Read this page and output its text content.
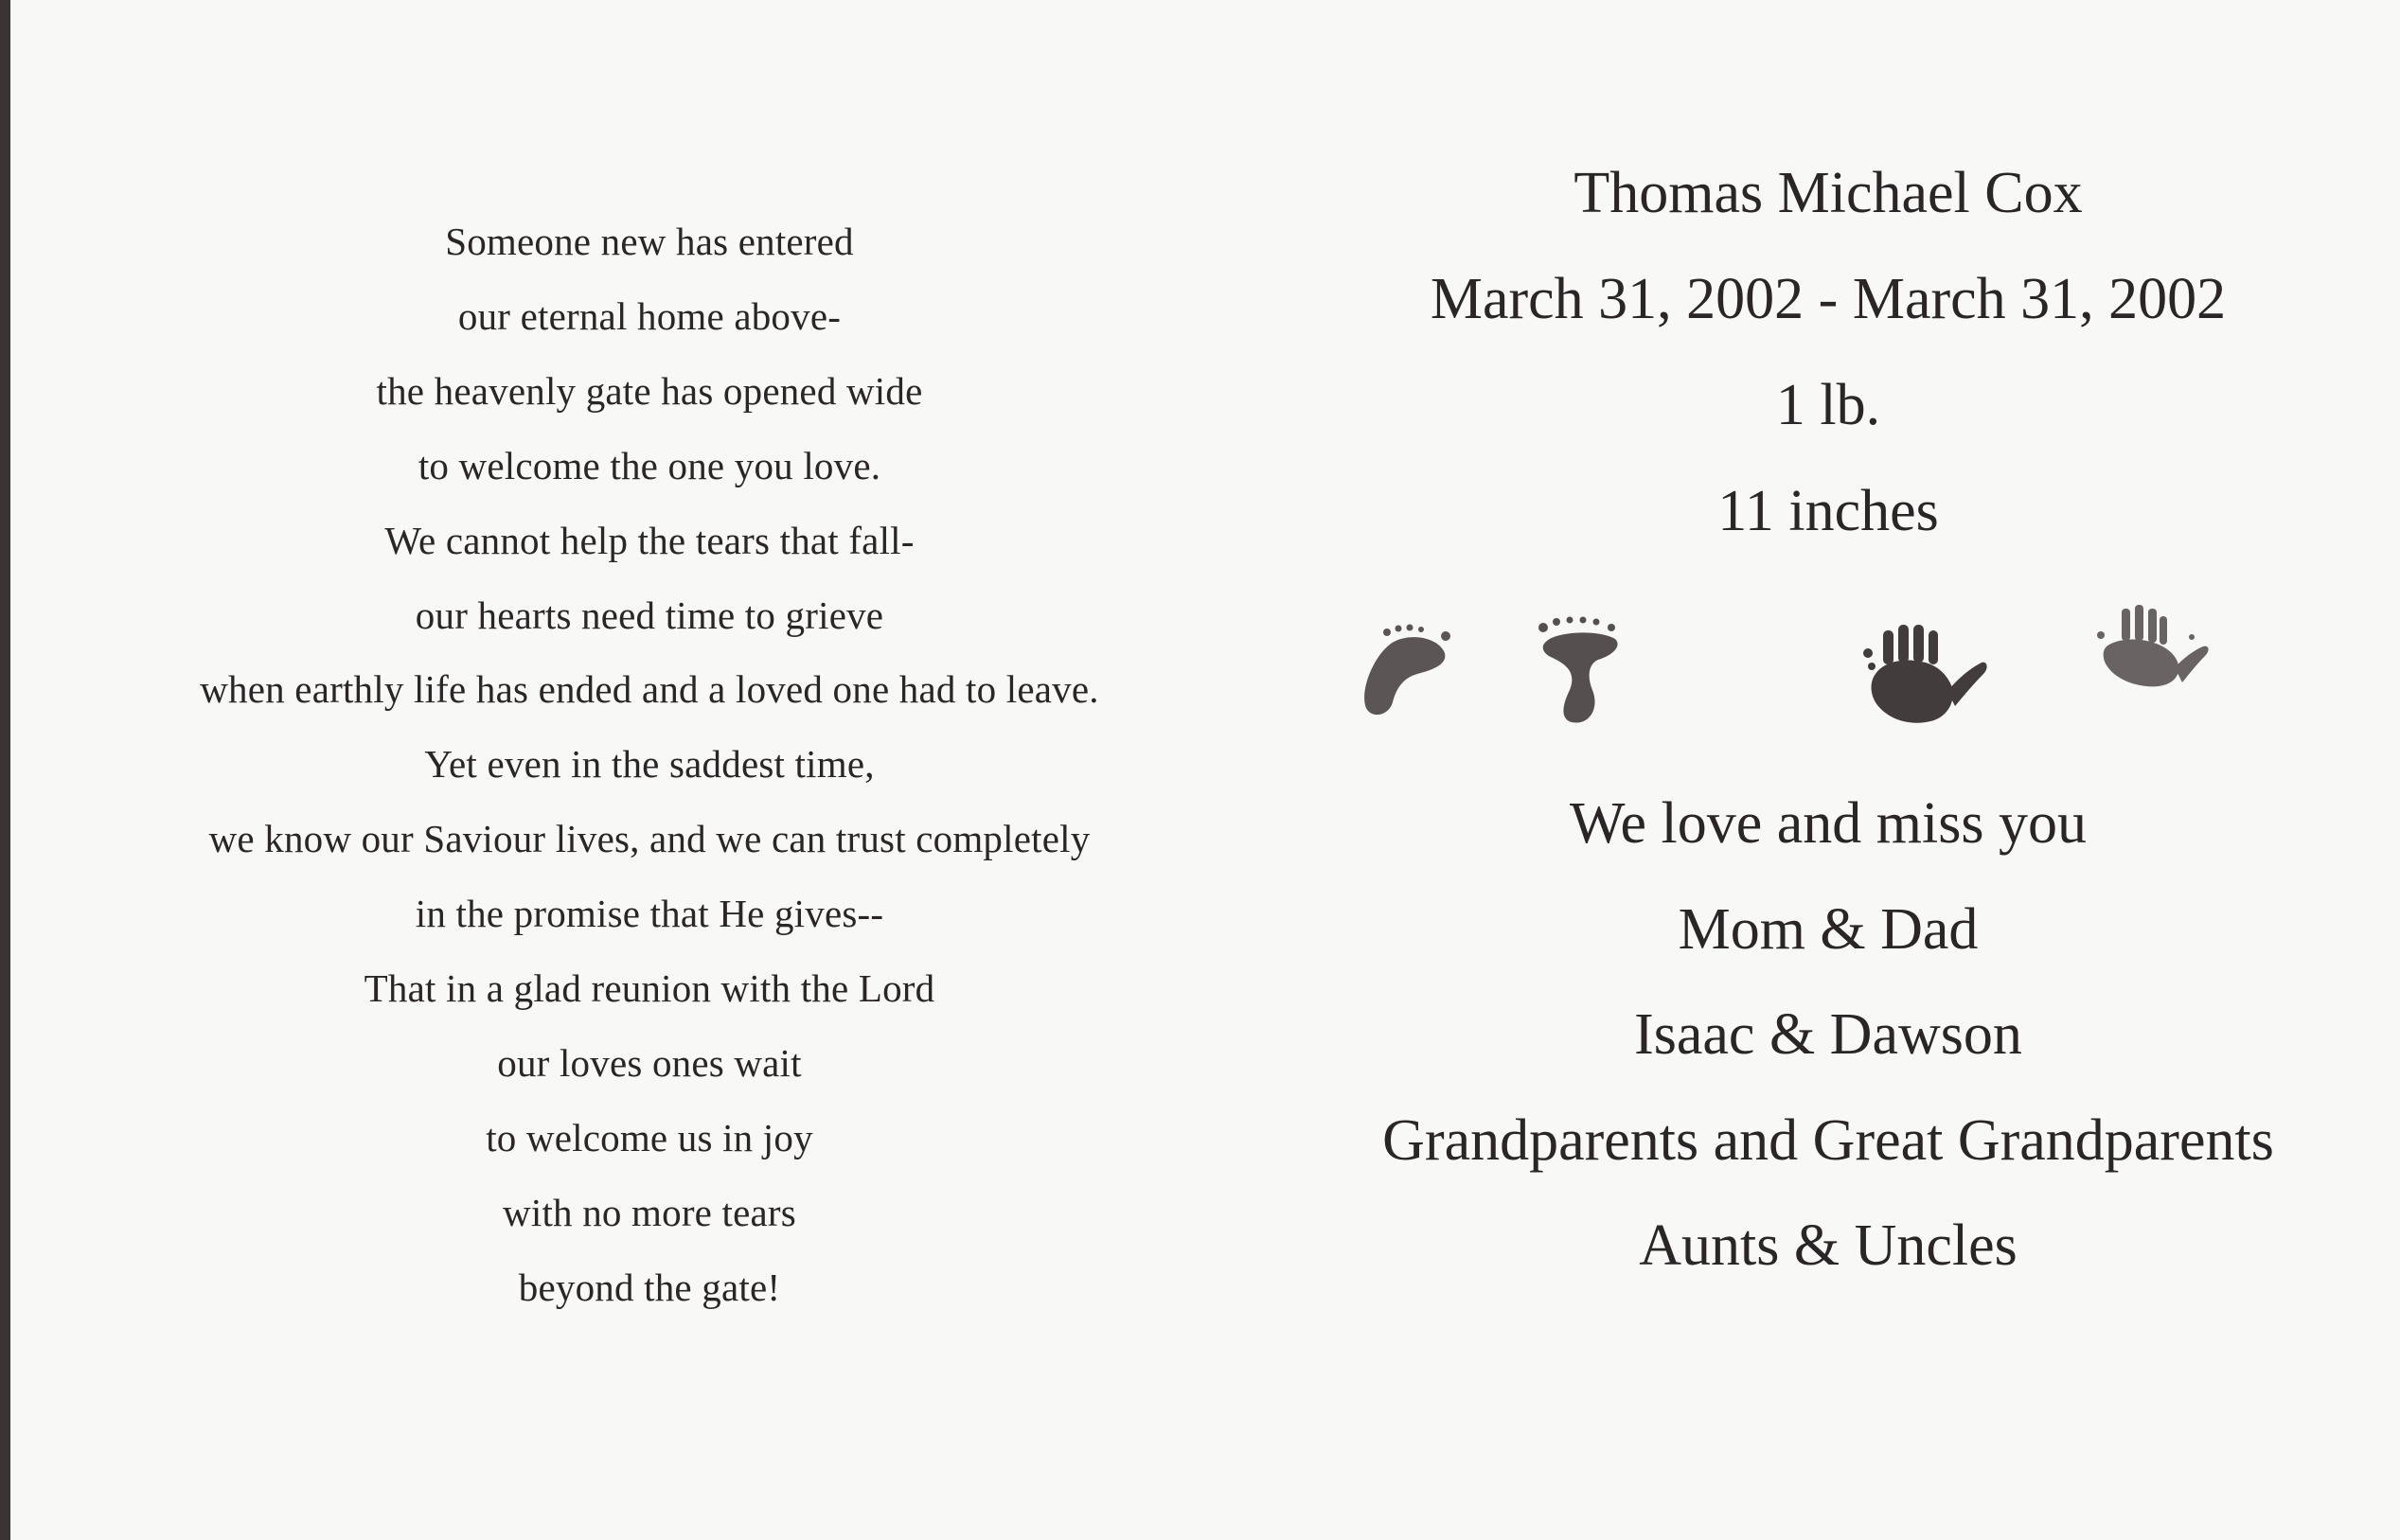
Someone new has entered
our eternal home above-
the heavenly gate has opened wide
to welcome the one you love.
We cannot help the tears that fall-
our hearts need time to grieve
when earthly life has ended and a loved one had to leave.
Yet even in the saddest time,
we know our Saviour lives, and we can trust completely
in the promise that He gives--
That in a glad reunion with the Lord
our loves ones wait
to welcome us in joy
with no more tears
beyond the gate!
Thomas Michael Cox
March 31, 2002 - March 31, 2002
1 lb.
11 inches
We love and miss you
Mom & Dad
Isaac & Dawson
Grandparents and Great Grandparents
Aunts & Uncles
